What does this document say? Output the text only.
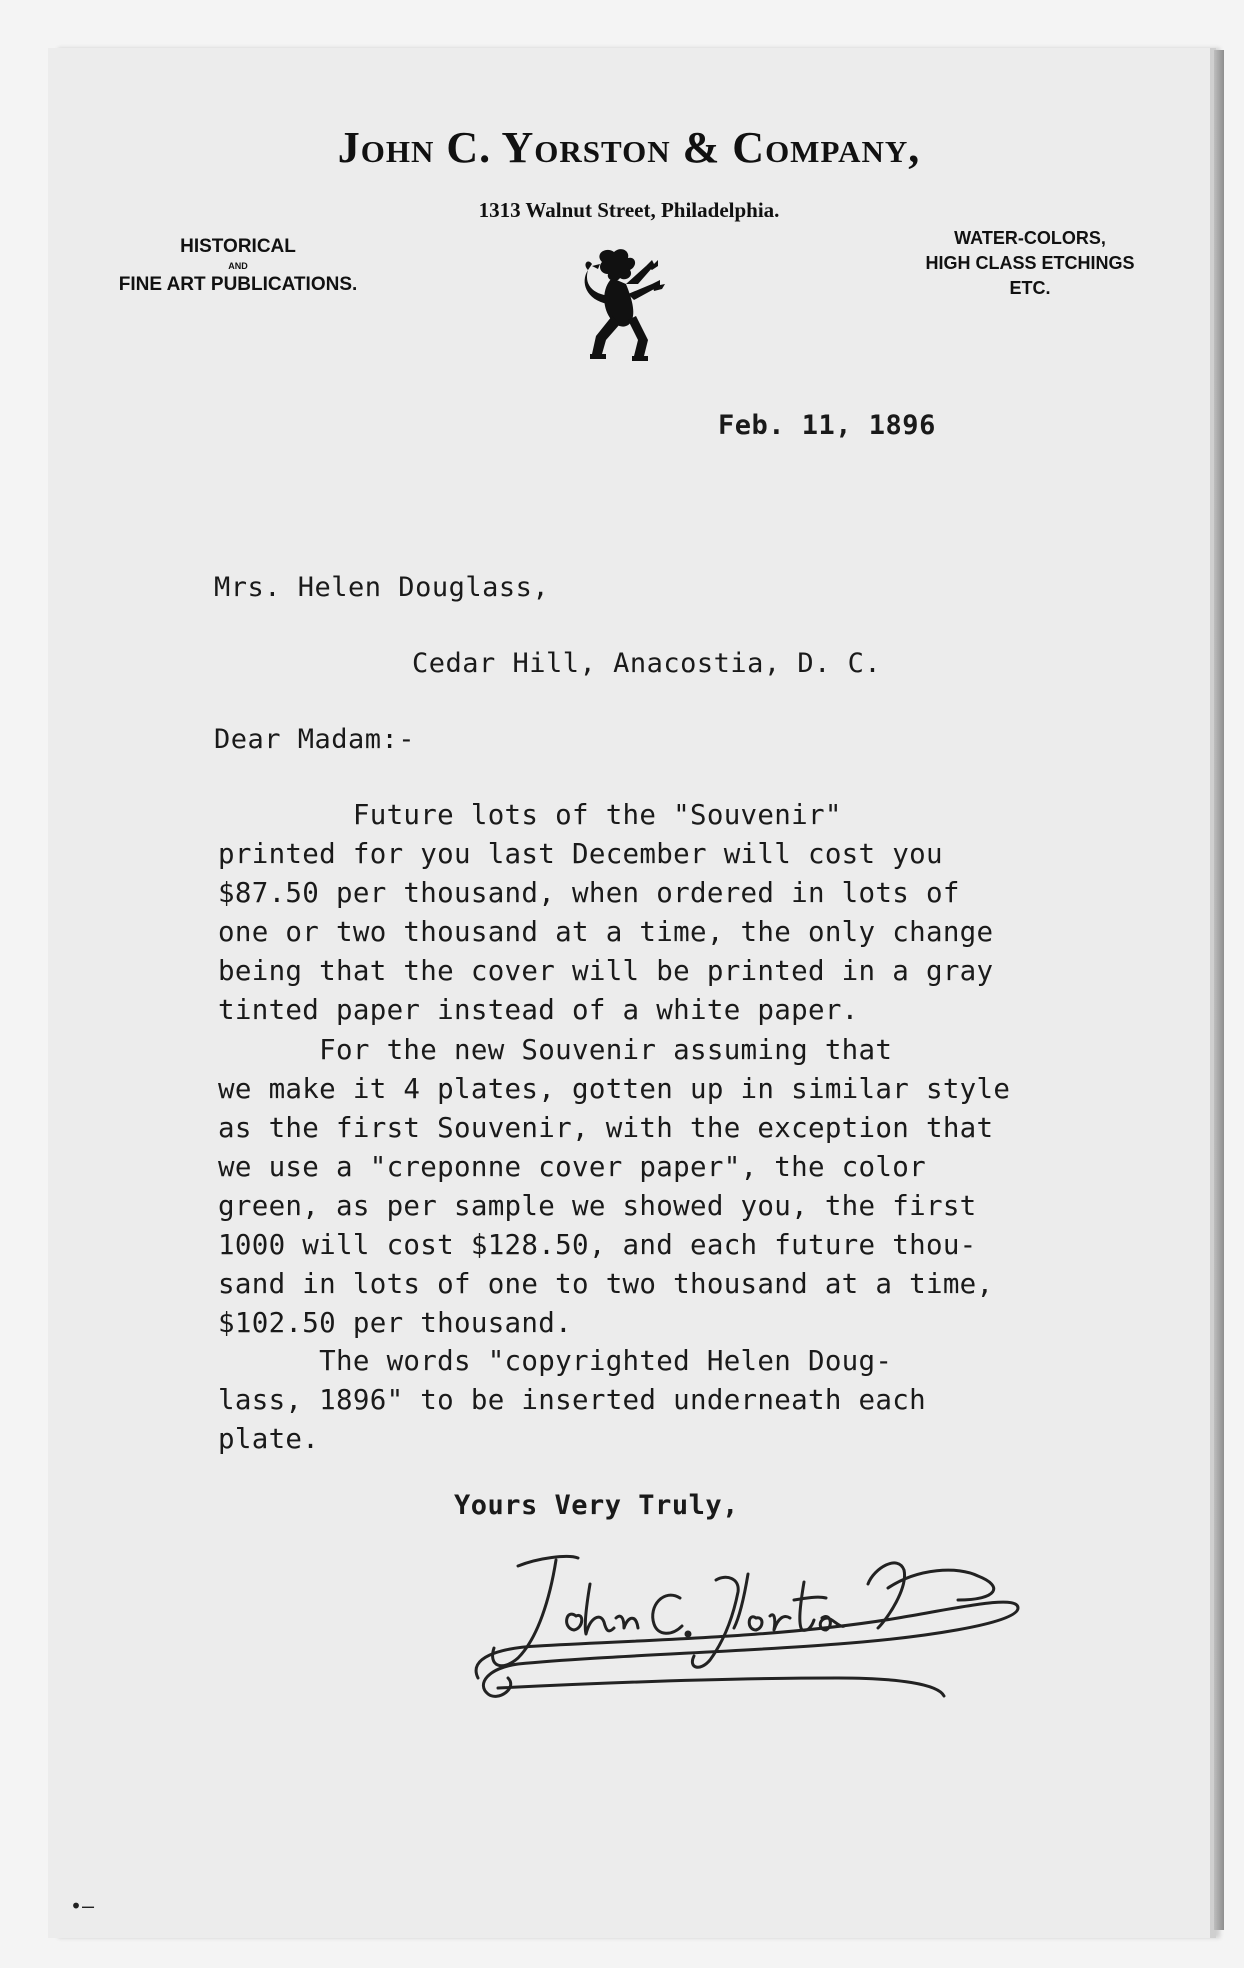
John C. Yorston & Company,
1313 Walnut Street, Philadelphia.
HISTORICAL
AND
FINE ART PUBLICATIONS.
WATER-COLORS,
HIGH CLASS ETCHINGS
ETC.
Feb. 11, 1896
Mrs. Helen Douglass,
Cedar Hill, Anacostia, D. C.
Dear Madam:-
Future lots of the "Souvenir"
printed for you last December will cost you
$87.50 per thousand, when ordered in lots of
one or two thousand at a time, the only change
being that the cover will be printed in a gray
tinted paper instead of a white paper.
For the new Souvenir assuming that
we make it 4 plates, gotten up in similar style
as the first Souvenir, with the exception that
we use a "creponne cover paper", the color
green, as per sample we showed you, the first
1000 will cost $128.50, and each future thou-
sand in lots of one to two thousand at a time,
$102.50 per thousand.
The words "copyrighted Helen Doug-
lass, 1896" to be inserted underneath each
plate.
Yours Very Truly,
•–
